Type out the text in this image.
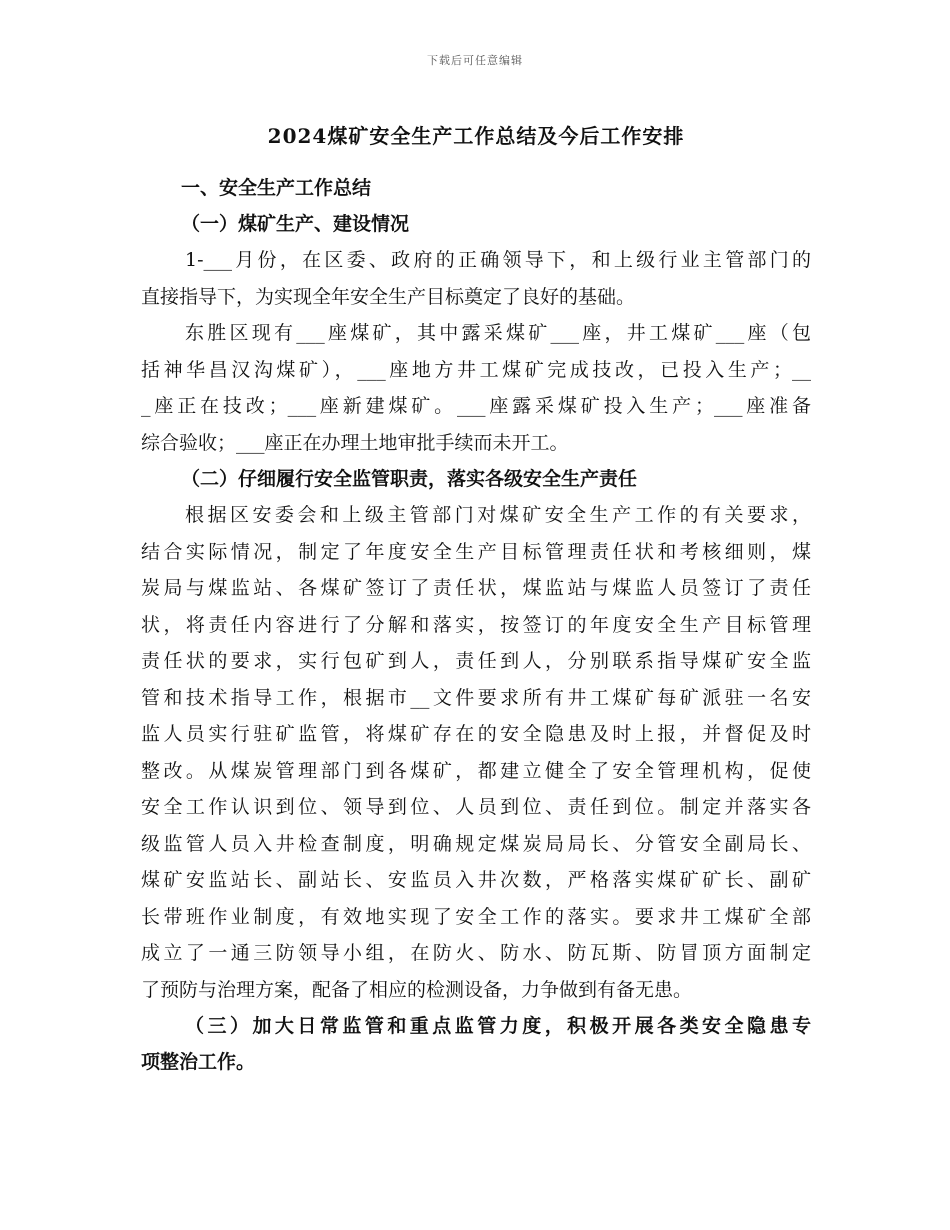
下载后可任意编辑
2024煤矿安全生产工作总结及今后工作安排
一、安全生产工作总结
（一）煤矿生产、建设情况
1-___月份，在区委、政府的正确领导下，和上级行业主管部门的
直接指导下，为实现全年安全生产目标奠定了良好的基础。
东胜区现有___座煤矿，其中露采煤矿___座，井工煤矿___座（包
括神华昌汉沟煤矿），___座地方井工煤矿完成技改，已投入生产；__
_座正在技改；___座新建煤矿。___座露采煤矿投入生产；___座准备
综合验收；___座正在办理土地审批手续而未开工。
（二）仔细履行安全监管职责，落实各级安全生产责任
根据区安委会和上级主管部门对煤矿安全生产工作的有关要求，
结合实际情况，制定了年度安全生产目标管理责任状和考核细则，煤
炭局与煤监站、各煤矿签订了责任状，煤监站与煤监人员签订了责任
状，将责任内容进行了分解和落实，按签订的年度安全生产目标管理
责任状的要求，实行包矿到人，责任到人，分别联系指导煤矿安全监
管和技术指导工作，根据市__文件要求所有井工煤矿每矿派驻一名安
监人员实行驻矿监管，将煤矿存在的安全隐患及时上报，并督促及时
整改。从煤炭管理部门到各煤矿，都建立健全了安全管理机构，促使
安全工作认识到位、领导到位、人员到位、责任到位。制定并落实各
级监管人员入井检查制度，明确规定煤炭局局长、分管安全副局长、
煤矿安监站长、副站长、安监员入井次数，严格落实煤矿矿长、副矿
长带班作业制度，有效地实现了安全工作的落实。要求井工煤矿全部
成立了一通三防领导小组，在防火、防水、防瓦斯、防冒顶方面制定
了预防与治理方案，配备了相应的检测设备，力争做到有备无患。
（三）加大日常监管和重点监管力度，积极开展各类安全隐患专
项整治工作。
